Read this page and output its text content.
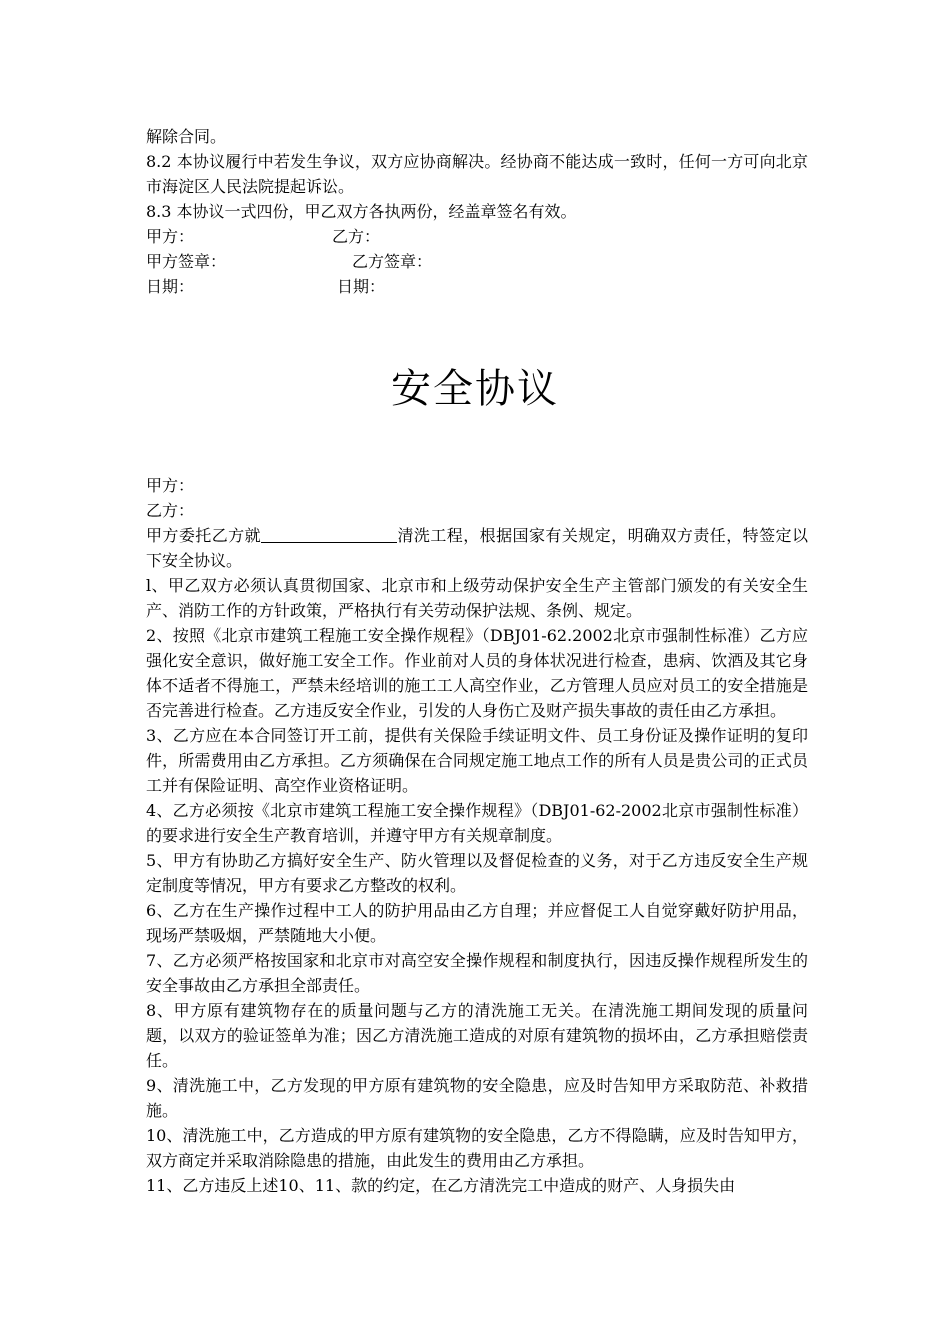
解除合同。
8.2 本协议履行中若发生争议，双方应协商解决。经协商不能达成一致时，任何一方可向北京市海淀区人民法院提起诉讼。
8.3 本协议一式四份，甲乙双方各执两份，经盖章签名有效。
甲方：	乙方：
甲方签章：	乙方签章：
日期：	日期：
安全协议
甲方：
乙方：
甲方委托乙方就	清洗工程，根据国家有关规定，明确双方责任，特签定以下安全协议。
l、甲乙双方必须认真贯彻国家、北京市和上级劳动保护安全生产主管部门颁发的有关安全生产、消防工作的方针政策，严格执行有关劳动保护法规、条例、规定。
2、按照《北京市建筑工程施工安全操作规程》（DBJ01-62.2002北京市强制性标准）乙方应强化安全意识，做好施工安全工作。作业前对人员的身体状况进行检查，患病、饮酒及其它身体不适者不得施工，严禁未经培训的施工工人高空作业，乙方管理人员应对员工的安全措施是否完善进行检查。乙方违反安全作业，引发的人身伤亡及财产损失事故的责任由乙方承担。
3、乙方应在本合同签订开工前，提供有关保险手续证明文件、员工身份证及操作证明的复印件，所需费用由乙方承担。乙方须确保在合同规定施工地点工作的所有人员是贵公司的正式员工并有保险证明、高空作业资格证明。
4、乙方必须按《北京市建筑工程施工安全操作规程》（DBJ01-62-2002北京市强制性标准）的要求进行安全生产教育培训，并遵守甲方有关规章制度。
5、甲方有协助乙方搞好安全生产、防火管理以及督促检查的义务，对于乙方违反安全生产规定制度等情况，甲方有要求乙方整改的权利。
6、乙方在生产操作过程中工人的防护用品由乙方自理；并应督促工人自觉穿戴好防护用品，现场严禁吸烟，严禁随地大小便。
7、乙方必须严格按国家和北京市对高空安全操作规程和制度执行，因违反操作规程所发生的安全事故由乙方承担全部责任。
8、甲方原有建筑物存在的质量问题与乙方的清洗施工无关。在清洗施工期间发现的质量问题，以双方的验证签单为准；因乙方清洗施工造成的对原有建筑物的损坏由，乙方承担赔偿责任。
9、清洗施工中，乙方发现的甲方原有建筑物的安全隐患，应及时告知甲方采取防范、补救措施。
10、清洗施工中，乙方造成的甲方原有建筑物的安全隐患，乙方不得隐瞒，应及时告知甲方，双方商定并采取消除隐患的措施，由此发生的费用由乙方承担。
11、乙方违反上述10、11、款的约定，在乙方清洗完工中造成的财产、人身损失由
